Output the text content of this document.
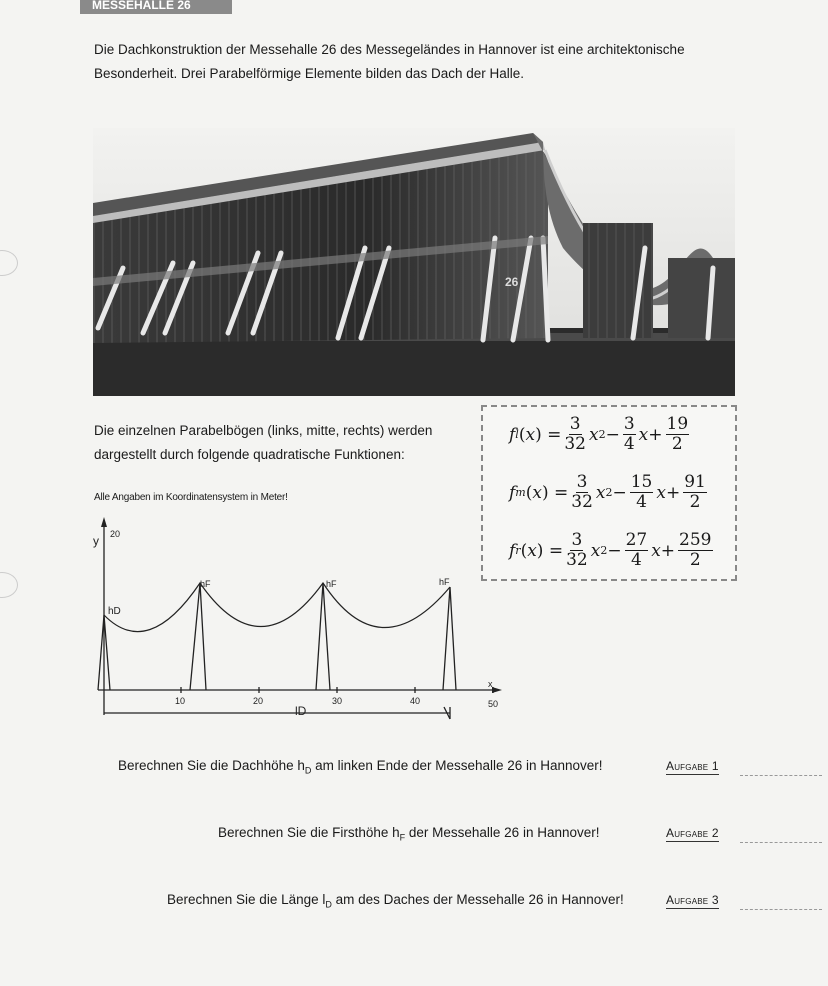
MESSEHALLE 26
Die Dachkonstruktion der Messehalle 26 des Messegeländes in Hannover ist eine architektonische
Besonderheit. Drei Parabelförmige Elemente bilden das Dach der Halle.
26
Die einzelnen Parabelbögen (links, mitte, rechts) werden
dargestellt durch folgende quadratische Funktionen:
f l ( x ) = $\frac{3}{32}$ x $2 - \frac{3}{4}$ $x + \frac{19}{2}$
f m ( x ) = $\frac{3}{32}$ x $2 - \frac{15}{4}$ $x + \frac{91}{2}$
f r ( x ) = $\frac{3}{32}$ x $2 - \frac{27}{4}$ $x + \frac{259}{2}$
Alle Angaben im Koordinatensystem in Meter!
y 20
hD
hF	hF	hF
x
10	20	30	40	50
lD
Berechnen Sie die Dachhöhe $h_D$ am linken Ende der Messehalle 26 in Hannover!	Aufgabe 1
Berechnen Sie die Firsthöhe $h_F$ der Messehalle 26 in Hannover!	Aufgabe 2
Berechnen Sie die Länge $l_D$ am des Daches der Messehalle 26 in Hannover!	Aufgabe 3
